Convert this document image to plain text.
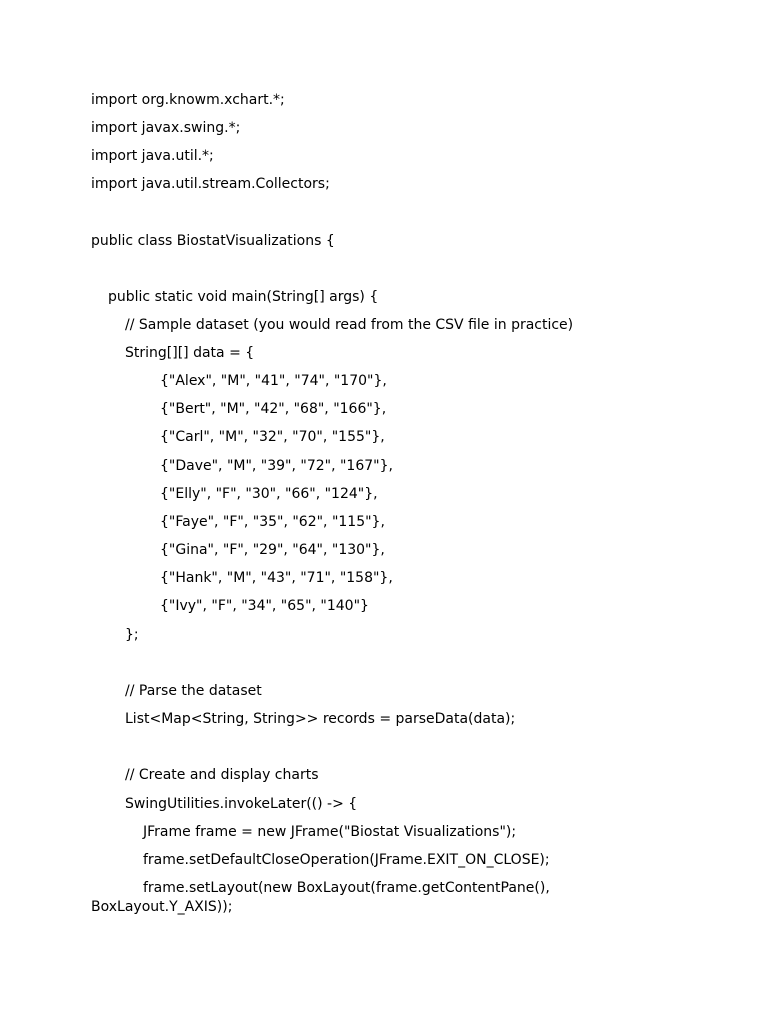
import org.knowm.xchart.*;
import javax.swing.*;
import java.util.*;
import java.util.stream.Collectors;
public class BiostatVisualizations {
public static void main(String[] args) {
// Sample dataset (you would read from the CSV file in practice)
String[][] data = {
{"Alex", "M", "41", "74", "170"},
{"Bert", "M", "42", "68", "166"},
{"Carl", "M", "32", "70", "155"},
{"Dave", "M", "39", "72", "167"},
{"Elly", "F", "30", "66", "124"},
{"Faye", "F", "35", "62", "115"},
{"Gina", "F", "29", "64", "130"},
{"Hank", "M", "43", "71", "158"},
{"Ivy", "F", "34", "65", "140"}
};
// Parse the dataset
List<Map<String, String>> records = parseData(data);
// Create and display charts
SwingUtilities.invokeLater(() -> {
JFrame frame = new JFrame("Biostat Visualizations");
frame.setDefaultCloseOperation(JFrame.EXIT_ON_CLOSE);
frame.setLayout(new BoxLayout(frame.getContentPane(),
BoxLayout.Y_AXIS));
